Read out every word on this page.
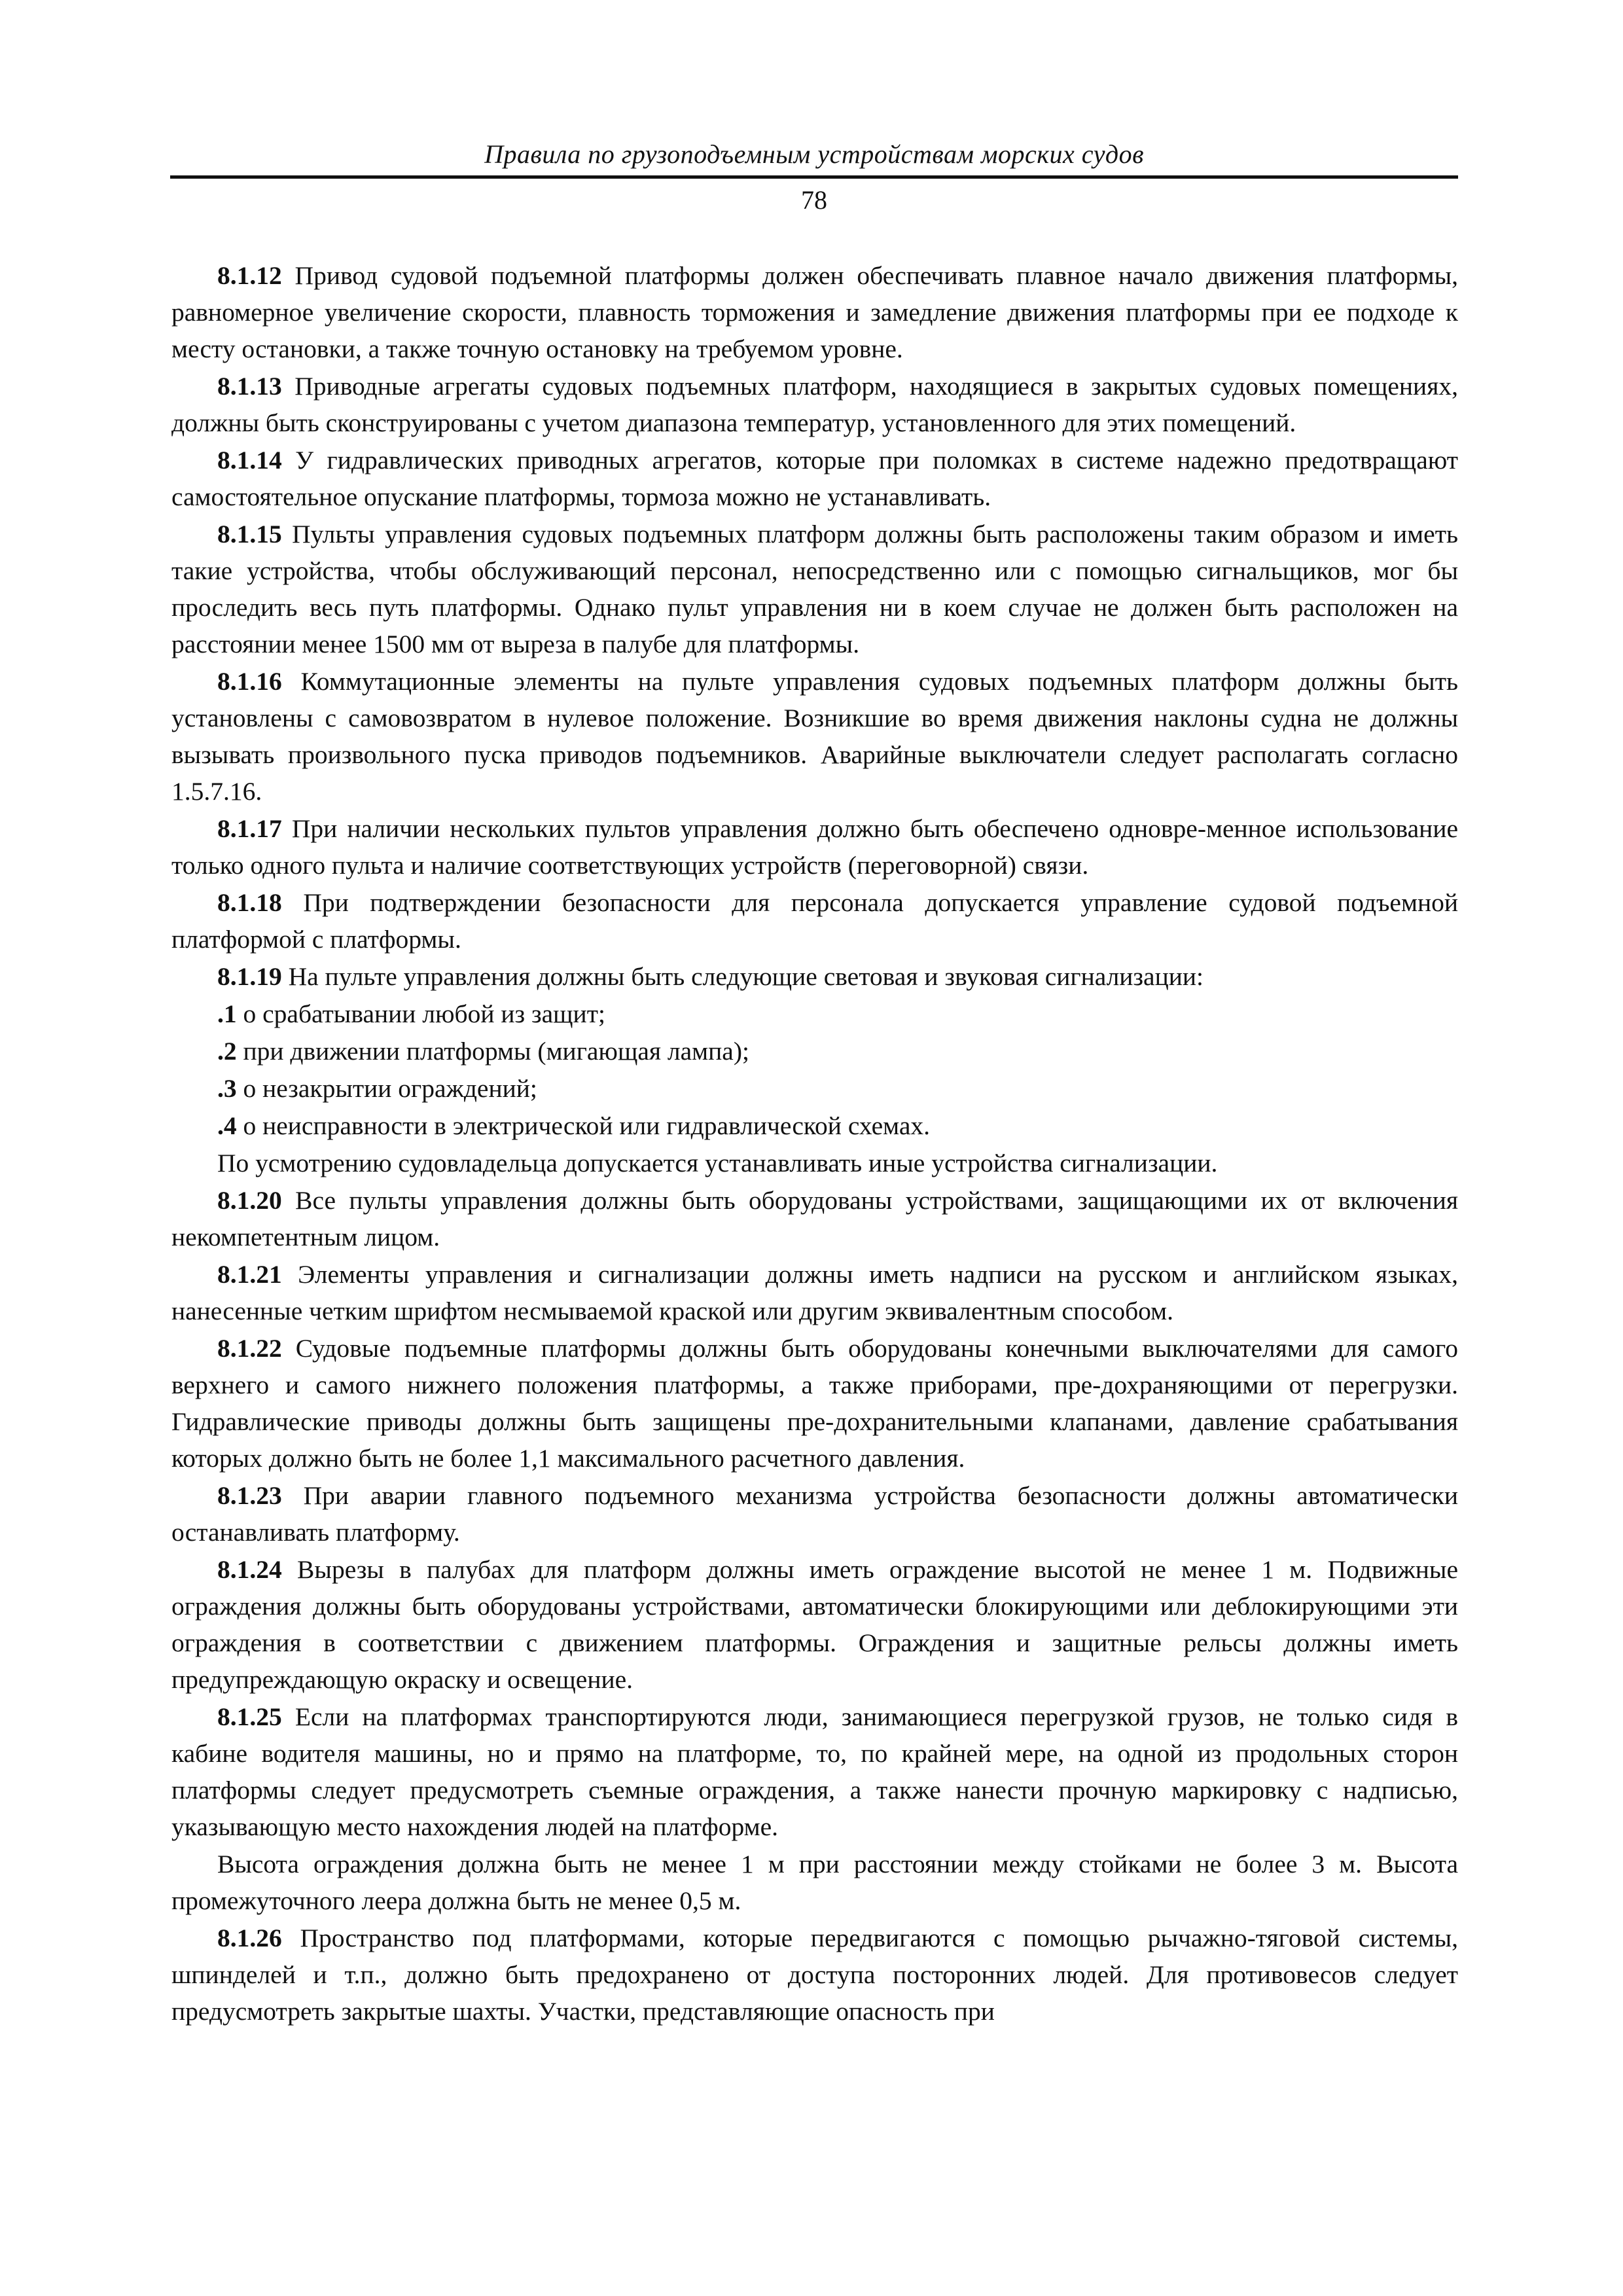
Правила по грузоподъемным устройствам морских судов
78

8.1.12 Привод судовой подъемной платформы должен обеспечивать плавное начало движения платформы, равномерное увеличение скорости, плавность торможения и замедление движения платформы при ее подходе к месту остановки, а также точную остановку на требуемом уровне.

8.1.13 Приводные агрегаты судовых подъемных платформ, находящиеся в закрытых судовых помещениях, должны быть сконструированы с учетом диапазона температур, установленного для этих помещений.

8.1.14 У гидравлических приводных агрегатов, которые при поломках в системе надежно предотвращают самостоятельное опускание платформы, тормоза можно не устанавливать.

8.1.15 Пульты управления судовых подъемных платформ должны быть расположены таким образом и иметь такие устройства, чтобы обслуживающий персонал, непосредственно или с помощью сигнальщиков, мог бы проследить весь путь платформы. Однако пульт управления ни в коем случае не должен быть расположен на расстоянии менее 1500 мм от выреза в палубе для платформы.

8.1.16 Коммутационные элементы на пульте управления судовых подъемных платформ должны быть установлены с самовозвратом в нулевое положение. Возникшие во время движения наклоны судна не должны вызывать произвольного пуска приводов подъемников. Аварийные выключатели следует располагать согласно 1.5.7.16.

8.1.17 При наличии нескольких пультов управления должно быть обеспечено одновре-менное использование только одного пульта и наличие соответствующих устройств (переговорной) связи.

8.1.18 При подтверждении безопасности для персонала допускается управление судовой подъемной платформой с платформы.

8.1.19 На пульте управления должны быть следующие световая и звуковая сигнализации:

.1 о срабатывании любой из защит;

.2 при движении платформы (мигающая лампа);

.3 о незакрытии ограждений;

.4 о неисправности в электрической или гидравлической схемах.

По усмотрению судовладельца допускается устанавливать иные устройства сигнализации.

8.1.20 Все пульты управления должны быть оборудованы устройствами, защищающими их от включения некомпетентным лицом.

8.1.21 Элементы управления и сигнализации должны иметь надписи на русском и английском языках, нанесенные четким шрифтом несмываемой краской или другим эквивалентным способом.

8.1.22 Судовые подъемные платформы должны быть оборудованы конечными выключателями для самого верхнего и самого нижнего положения платформы, а также приборами, пре-дохраняющими от перегрузки. Гидравлические приводы должны быть защищены пре-дохранительными клапанами, давление срабатывания которых должно быть не более 1,1 максимального расчетного давления.

8.1.23 При аварии главного подъемного механизма устройства безопасности должны автоматически останавливать платформу.

8.1.24 Вырезы в палубах для платформ должны иметь ограждение высотой не менее 1 м. Подвижные ограждения должны быть оборудованы устройствами, автоматически блокирующими или деблокирующими эти ограждения в соответствии с движением платформы. Ограждения и защитные рельсы должны иметь предупреждающую окраску и освещение.

8.1.25 Если на платформах транспортируются люди, занимающиеся перегрузкой грузов, не только сидя в кабине водителя машины, но и прямо на платформе, то, по крайней мере, на одной из продольных сторон платформы следует предусмотреть съемные ограждения, а также нанести прочную маркировку с надписью, указывающую место нахождения людей на платформе.

Высота ограждения должна быть не менее 1 м при расстоянии между стойками не более 3 м. Высота промежуточного леера должна быть не менее 0,5 м.

8.1.26 Пространство под платформами, которые передвигаются с помощью рычажно-тяговой системы, шпинделей и т.п., должно быть предохранено от доступа посторонних людей. Для противовесов следует предусмотреть закрытые шахты. Участки, представляющие опасность при
